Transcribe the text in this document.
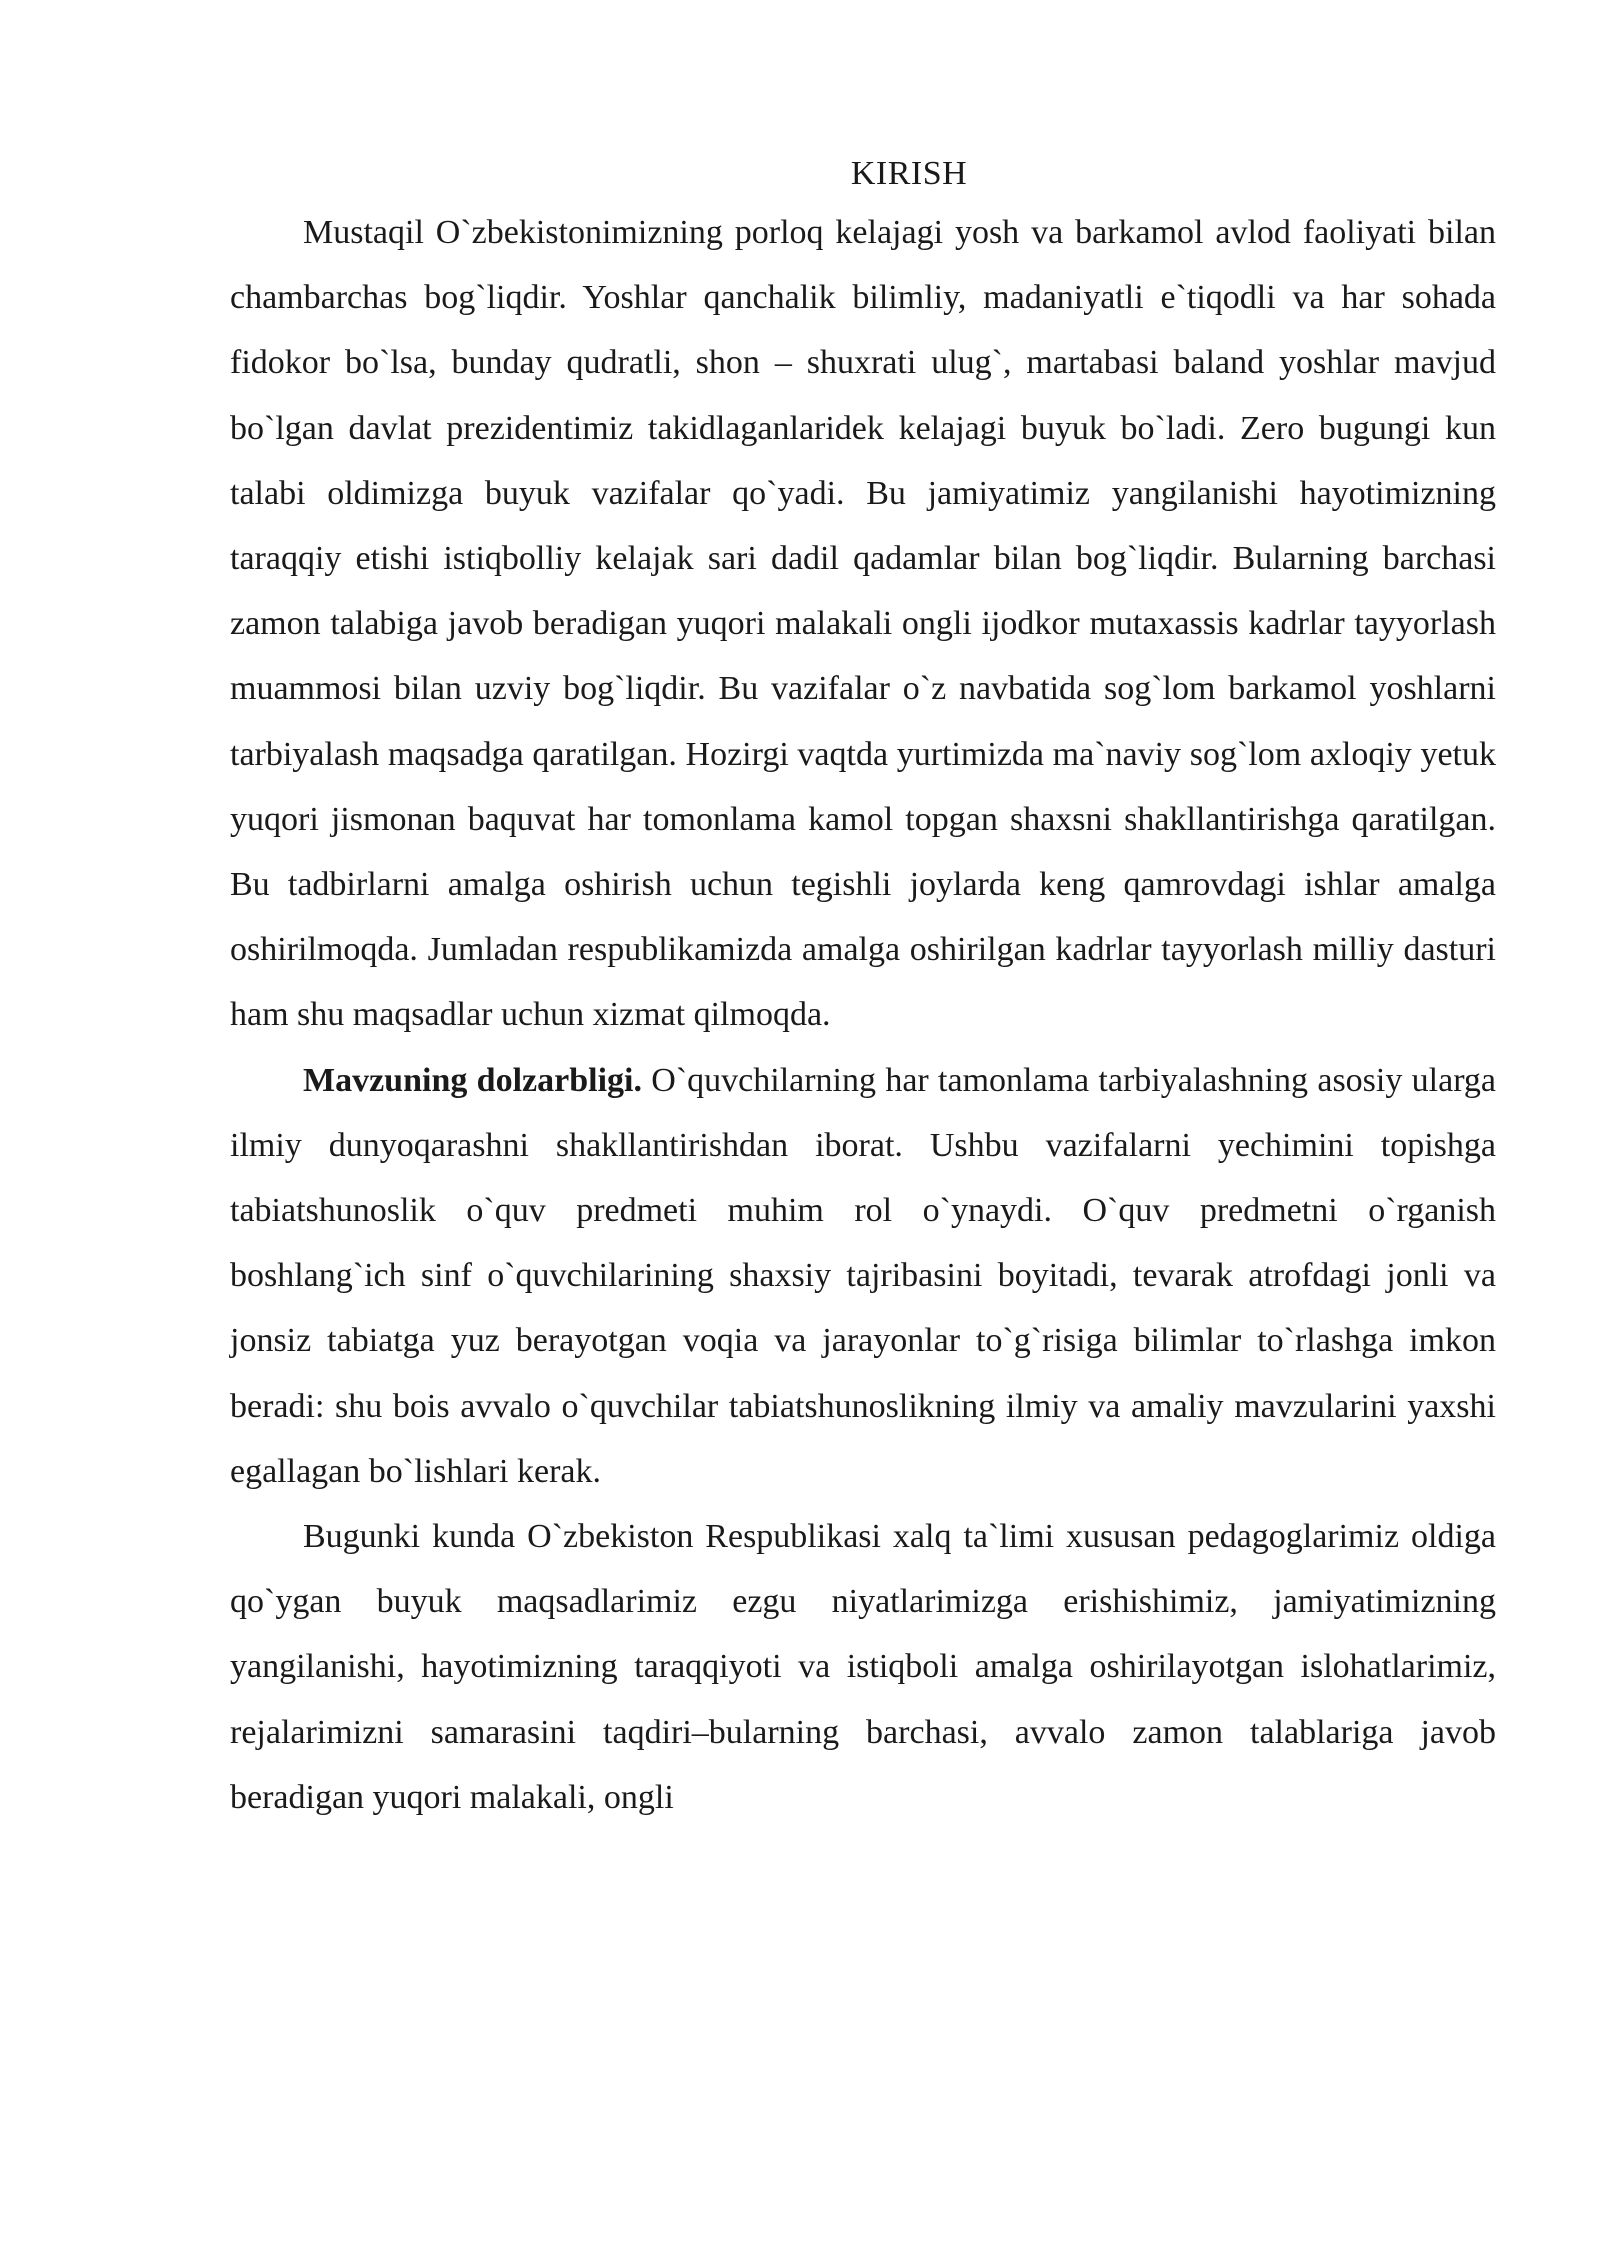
KIRISH

Mustaqil O`zbekistonimizning porloq kelajagi yosh va barkamol avlod faoliyati bilan chambarchas bog`liqdir. Yoshlar qanchalik bilimliy, madaniyatli e`tiqodli va har sohada fidokor bo`lsa, bunday qudratli, shon – shuxrati ulug`, martabasi baland yoshlar mavjud bo`lgan davlat prezidentimiz takidlaganlaridek kelajagi buyuk bo`ladi. Zero bugungi kun talabi oldimizga buyuk vazifalar qo`yadi. Bu jamiyatimiz yangilanishi hayotimizning taraqqiy etishi istiqbolliy kelajak sari dadil qadamlar bilan bog`liqdir. Bularning barchasi zamon talabiga javob beradigan yuqori malakali ongli ijodkor mutaxassis kadrlar tayyorlash muammosi bilan uzviy bog`liqdir. Bu vazifalar o`z navbatida sog`lom barkamol yoshlarni tarbiyalash maqsadga qaratilgan. Hozirgi vaqtda yurtimizda ma`naviy sog`lom axloqiy yetuk yuqori jismonan baquvat har tomonlama kamol topgan shaxsni shakllantirishga qaratilgan. Bu tadbirlarni amalga oshirish uchun tegishli joylarda keng qamrovdagi ishlar amalga oshirilmoqda. Jumladan respublikamizda amalga oshirilgan kadrlar tayyorlash milliy dasturi ham shu maqsadlar uchun xizmat qilmoqda.

Mavzuning dolzarbligi. O`quvchilarning har tamonlama tarbiyalashning asosiy ularga ilmiy dunyoqarashni shakllantirishdan iborat. Ushbu vazifalarni yechimini topishga tabiatshunoslik o`quv predmeti muhim rol o`ynaydi. O`quv predmetni o`rganish boshlang`ich sinf o`quvchilarining shaxsiy tajribasini boyitadi, tevarak atrofdagi jonli va jonsiz tabiatga yuz berayotgan voqia va jarayonlar to`g`risiga bilimlar to`rlashga imkon beradi: shu bois avvalo o`quvchilar tabiatshunoslikning ilmiy va amaliy mavzularini yaxshi egallagan bo`lishlari kerak.

Bugunki kunda O`zbekiston Respublikasi xalq ta`limi xususan pedagoglarimiz oldiga qo`ygan buyuk maqsadlarimiz ezgu niyatlarimizga erishishimiz, jamiyatimizning yangilanishi, hayotimizning taraqqiyoti va istiqboli amalga oshirilayotgan islohatlarimiz, rejalarimizni samarasini taqdiri–bularning barchasi, avvalo zamon talablariga javob beradigan yuqori malakali, ongli
